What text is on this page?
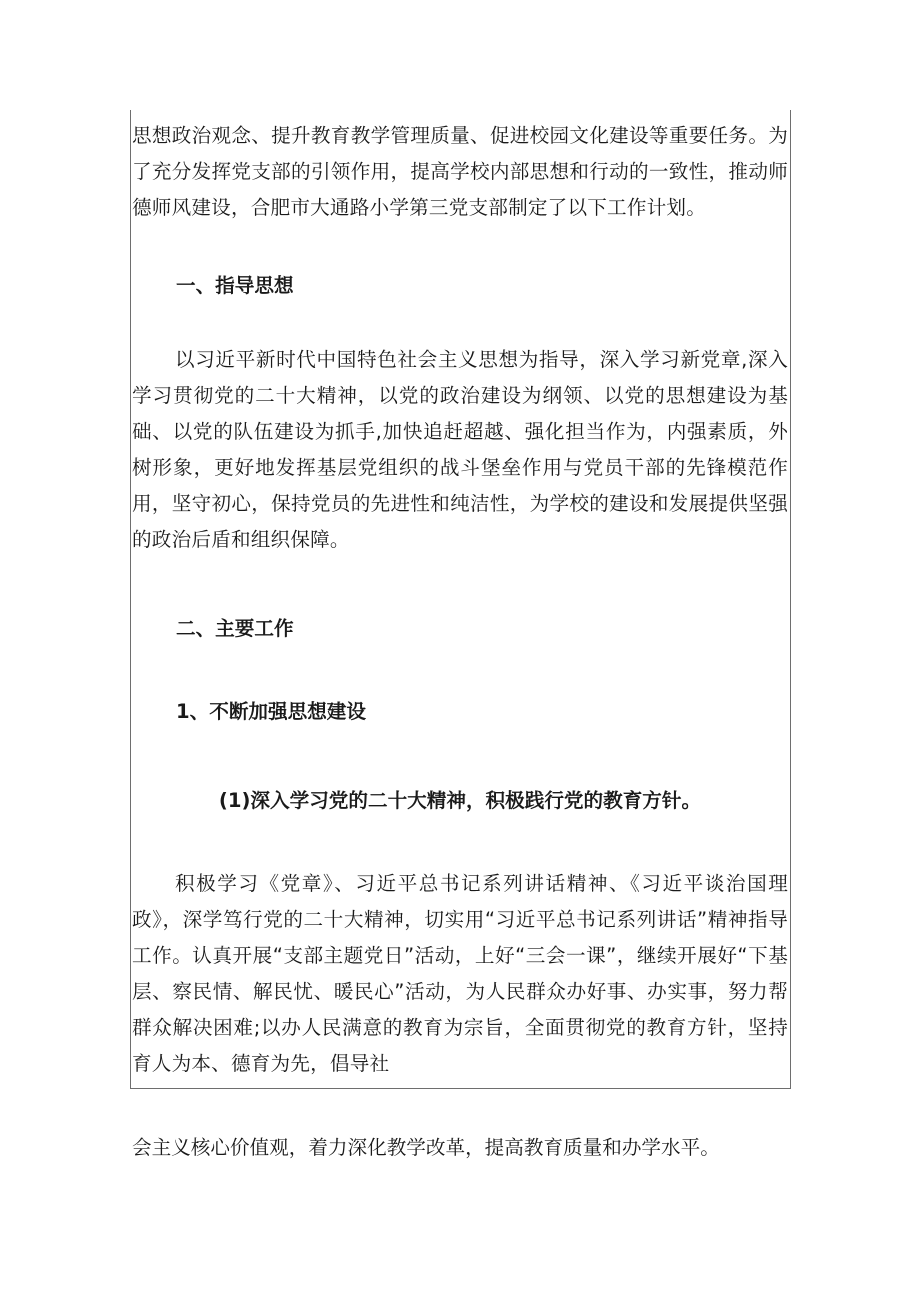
思想政治观念、提升教育教学管理质量、促进校园文化建设等重要任务。为了充分发挥党支部的引领作用，提高学校内部思想和行动的一致性，推动师德师风建设，合肥市大通路小学第三党支部制定了以下工作计划。

一、指导思想

以习近平新时代中国特色社会主义思想为指导，深入学习新党章,深入学习贯彻党的二十大精神，以党的政治建设为纲领、以党的思想建设为基础、以党的队伍建设为抓手,加快追赶超越、强化担当作为，内强素质，外树形象，更好地发挥基层党组织的战斗堡垒作用与党员干部的先锋模范作用，坚守初心，保持党员的先进性和纯洁性，为学校的建设和发展提供坚强的政治后盾和组织保障。

二、主要工作

1、不断加强思想建设

(1)深入学习党的二十大精神，积极践行党的教育方针。

积极学习《党章》、习近平总书记系列讲话精神、《习近平谈治国理政》，深学笃行党的二十大精神，切实用“习近平总书记系列讲话”精神指导工作。认真开展“支部主题党日”活动，上好“三会一课”，继续开展好“下基层、察民情、解民忧、暖民心”活动，为人民群众办好事、办实事，努力帮群众解决困难;以办人民满意的教育为宗旨，全面贯彻党的教育方针，坚持育人为本、德育为先，倡导社

会主义核心价值观，着力深化教学改革，提高教育质量和办学水平。
